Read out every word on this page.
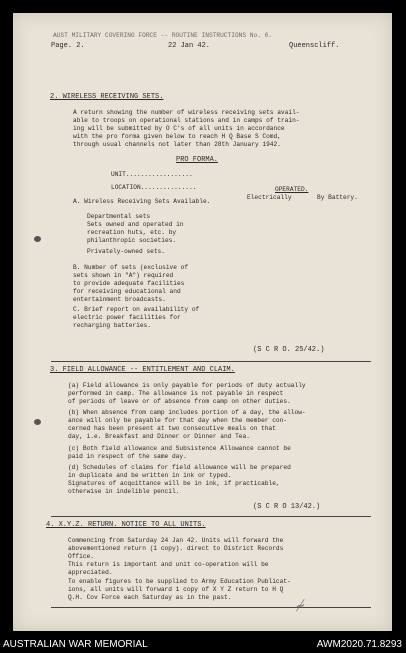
AUST MILITARY COVERING FORCE -- ROUTINE INSTRUCTIONS No. 6.
Page. 2.	22 Jan 42.	Queenscliff.
2. WIRELESS RECEIVING SETS.
A return showing the number of wireless receiving sets avail-
able to troops on operational stations and in camps of train-
ing will be submitted by O C's of all units in accordance
with the pro forma given below to reach H Q Base S Comd,
through usual channels not later than 28th January 1942.
PRO FORMA.
UNIT..................
LOCATION...............	OPERATED.
Electrically	By Battery.
A. Wireless Receiving Sets Available.
Departmental sets
Sets owned and operated in
recreation huts, etc. by
philanthropic societies.
Privately-owned sets.
B. Number of sets (exclusive of
sets shown in "A") required
to provide adequate facilities
for receiving educational and
entertainment broadcasts.
C. Brief report on availability of
electric power facilities for
recharging batteries.
(S C R O. 25/42.)
3. FIELD ALLOWANCE -- ENTITLEMENT AND CLAIM.
(a) Field allowance is only payable for periods of duty actually
performed in camp. The allowance is not payable in respect
of periods of leave or of absence from camp on other duties.
(b) When absence from camp includes portion of a day, the allow-
ance will only be payable for that day when the member con-
cerned has been present at two consecutive meals on that
day, i.e. Breakfast and Dinner or Dinner and Tea.
(c) Both field allowance and Subsistence Allowance cannot be
paid in respect of the same day.
(d) Schedules of claims for field allowance will be prepared
in duplicate and be written in ink or typed.
Signatures of acquittance will be in ink, if practicable,
otherwise in indelible pencil.
(S C R O 13/42.)
4. X.Y.Z. RETURN. NOTICE TO ALL UNITS.
Commencing from Saturday 24 Jan 42. Units will forward the
abovementioned return (1 copy). direct to District Records
Office.
This return is important and unit co-operation will be
appreciated.
To enable figures to be supplied to Army Education Publicat-
ions, all units will forward 1 copy of X Y Z return to H Q
Q.H. Cov Force each Saturday as in the past.
≁
AUSTRALIAN WAR MEMORIAL	AWM2020.71.8293
